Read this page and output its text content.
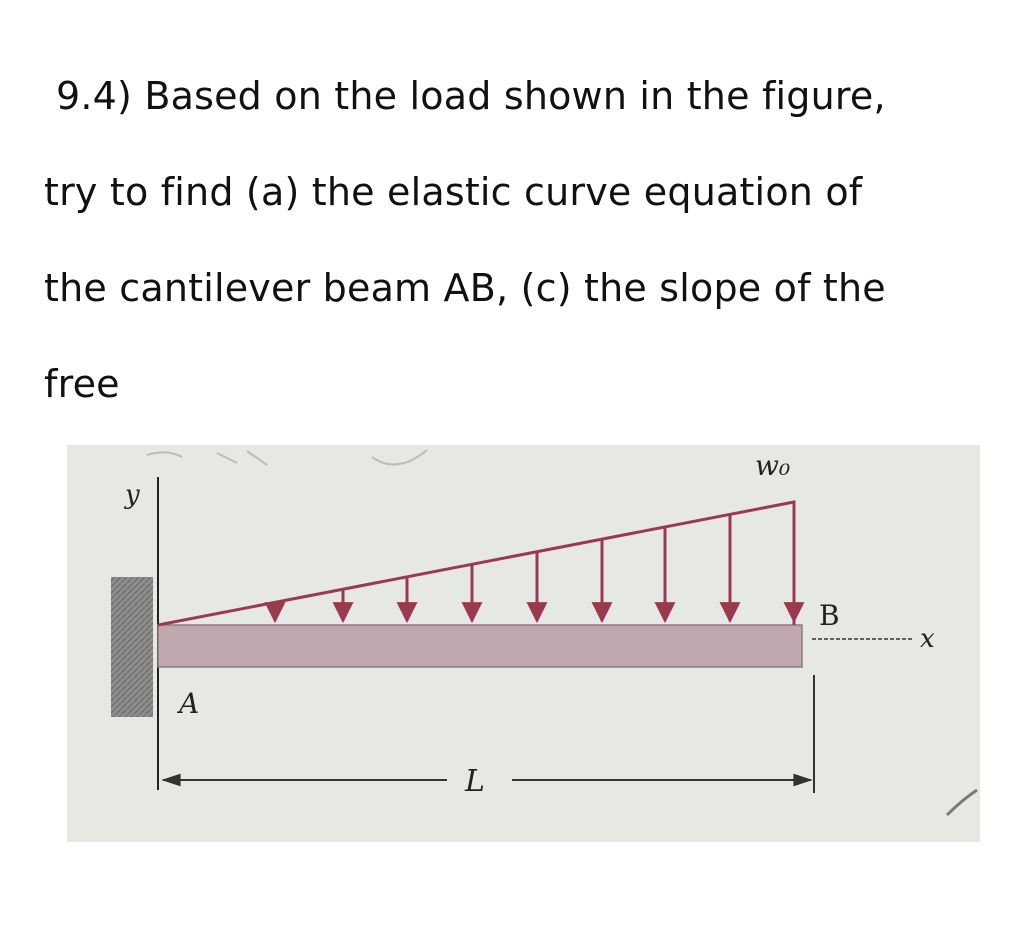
9.4) Based on the load shown in the figure,
try to find (a) the elastic curve equation of
the cantilever beam AB, (c) the slope of the
free
y
w₀
B
x
A
L
